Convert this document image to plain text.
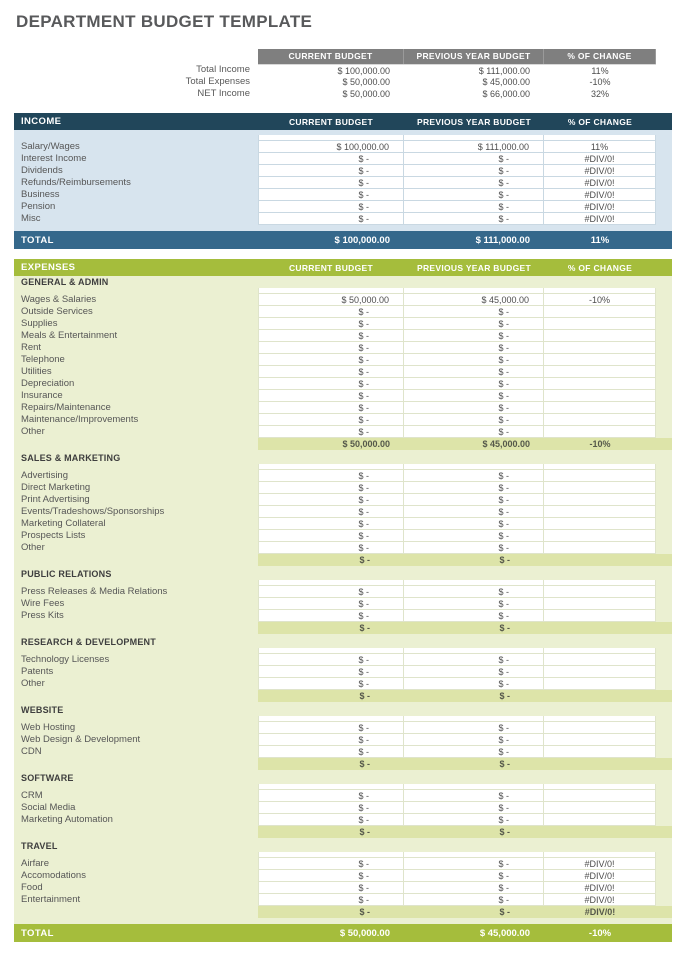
DEPARTMENT BUDGET TEMPLATE
CURRENT BUDGET	PREVIOUS YEAR BUDGET	% OF CHANGE
Total Income	$ 100,000.00	$ 111,000.00	11%
Total Expenses	$ 50,000.00	$ 45,000.00	-10%
NET Income	$ 50,000.00	$ 66,000.00	32%
INCOME	CURRENT BUDGET	PREVIOUS YEAR BUDGET	% OF CHANGE
Salary/Wages	$ 100,000.00	$ 111,000.00	11%
Interest Income	$ -	$ -	#DIV/0!
Dividends	$ -	$ -	#DIV/0!
Refunds/Reimbursements	$ -	$ -	#DIV/0!
Business	$ -	$ -	#DIV/0!
Pension	$ -	$ -	#DIV/0!
Misc	$ -	$ -	#DIV/0!
TOTAL	$ 100,000.00	$ 111,000.00	11%
EXPENSES	CURRENT BUDGET	PREVIOUS YEAR BUDGET	% OF CHANGE
GENERAL & ADMIN
Wages & Salaries	$ 50,000.00	$ 45,000.00	-10%
Outside Services	$ -	$ -
Supplies	$ -	$ -
Meals & Entertainment	$ -	$ -
Rent	$ -	$ -
Telephone	$ -	$ -
Utilities	$ -	$ -
Depreciation	$ -	$ -
Insurance	$ -	$ -
Repairs/Maintenance	$ -	$ -
Maintenance/Improvements	$ -	$ -
Other	$ -	$ -
$ 50,000.00	$ 45,000.00	-10%
SALES & MARKETING
Advertising	$ -	$ -
Direct Marketing	$ -	$ -
Print Advertising	$ -	$ -
Events/Tradeshows/Sponsorships	$ -	$ -
Marketing Collateral	$ -	$ -
Prospects Lists	$ -	$ -
Other	$ -	$ -
$ -	$ -
PUBLIC RELATIONS
Press Releases & Media Relations	$ -	$ -
Wire Fees	$ -	$ -
Press Kits	$ -	$ -
$ -	$ -
RESEARCH & DEVELOPMENT
Technology Licenses	$ -	$ -
Patents	$ -	$ -
Other	$ -	$ -
$ -	$ -
WEBSITE
Web Hosting	$ -	$ -
Web Design & Development	$ -	$ -
CDN	$ -	$ -
$ -	$ -
SOFTWARE
CRM	$ -	$ -
Social Media	$ -	$ -
Marketing Automation	$ -	$ -
$ -	$ -
TRAVEL
Airfare	$ -	$ -	#DIV/0!
Accomodations	$ -	$ -	#DIV/0!
Food	$ -	$ -	#DIV/0!
Entertainment	$ -	$ -	#DIV/0!
$ -	$ -	#DIV/0!
TOTAL	$ 50,000.00	$ 45,000.00	-10%
